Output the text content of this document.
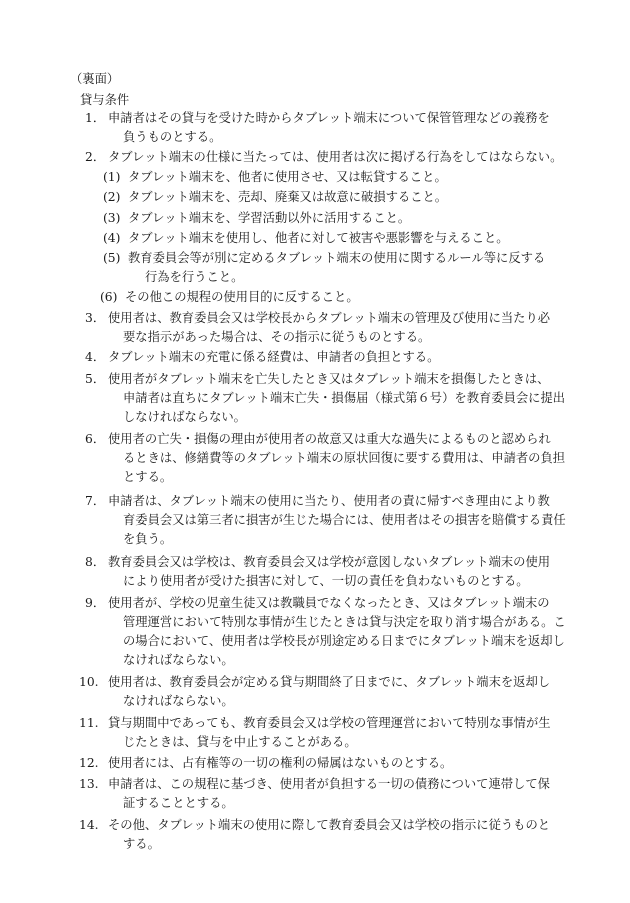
（裏面）
貸与条件
1． 申請者はその貸与を受けた時からタブレット端末について保管管理などの義務を
負うものとする。
2． タブレット端末の仕様に当たっては、使用者は次に掲げる行為をしてはならない。
(1) タブレット端末を、他者に使用させ、又は転貸すること。
(2) タブレット端末を、売却、廃棄又は故意に破損すること。
(3) タブレット端末を、学習活動以外に活用すること。
(4) タブレット端末を使用し、他者に対して被害や悪影響を与えること。
(5) 教育委員会等が別に定めるタブレット端末の使用に関するルール等に反する
行為を行うこと。
(6) その他この規程の使用目的に反すること。
3． 使用者は、教育委員会又は学校長からタブレット端末の管理及び使用に当たり必
要な指示があった場合は、その指示に従うものとする。
4． タブレット端末の充電に係る経費は、申請者の負担とする。
5． 使用者がタブレット端末を亡失したとき又はタブレット端末を損傷したときは、
申請者は直ちにタブレット端末亡失・損傷届（様式第６号）を教育委員会に提出
しなければならない。
6． 使用者の亡失・損傷の理由が使用者の故意又は重大な過失によるものと認められ
るときは、修繕費等のタブレット端末の原状回復に要する費用は、申請者の負担
とする。
7． 申請者は、タブレット端末の使用に当たり、使用者の責に帰すべき理由により教
育委員会又は第三者に損害が生じた場合には、使用者はその損害を賠償する責任
を負う。
8． 教育委員会又は学校は、教育委員会又は学校が意図しないタブレット端末の使用
により使用者が受けた損害に対して、一切の責任を負わないものとする。
9． 使用者が、学校の児童生徒又は教職員でなくなったとき、又はタブレット端末の
管理運営において特別な事情が生じたときは貸与決定を取り消す場合がある。こ
の場合において、使用者は学校長が別途定める日までにタブレット端末を返却し
なければならない。
10. 使用者は、教育委員会が定める貸与期間終了日までに、タブレット端末を返却し
なければならない。
11. 貸与期間中であっても、教育委員会又は学校の管理運営において特別な事情が生
じたときは、貸与を中止することがある。
12. 使用者には、占有権等の一切の権利の帰属はないものとする。
13. 申請者は、この規程に基づき、使用者が負担する一切の債務について連帯して保
証することとする。
14. その他、タブレット端末の使用に際して教育委員会又は学校の指示に従うものと
する。
